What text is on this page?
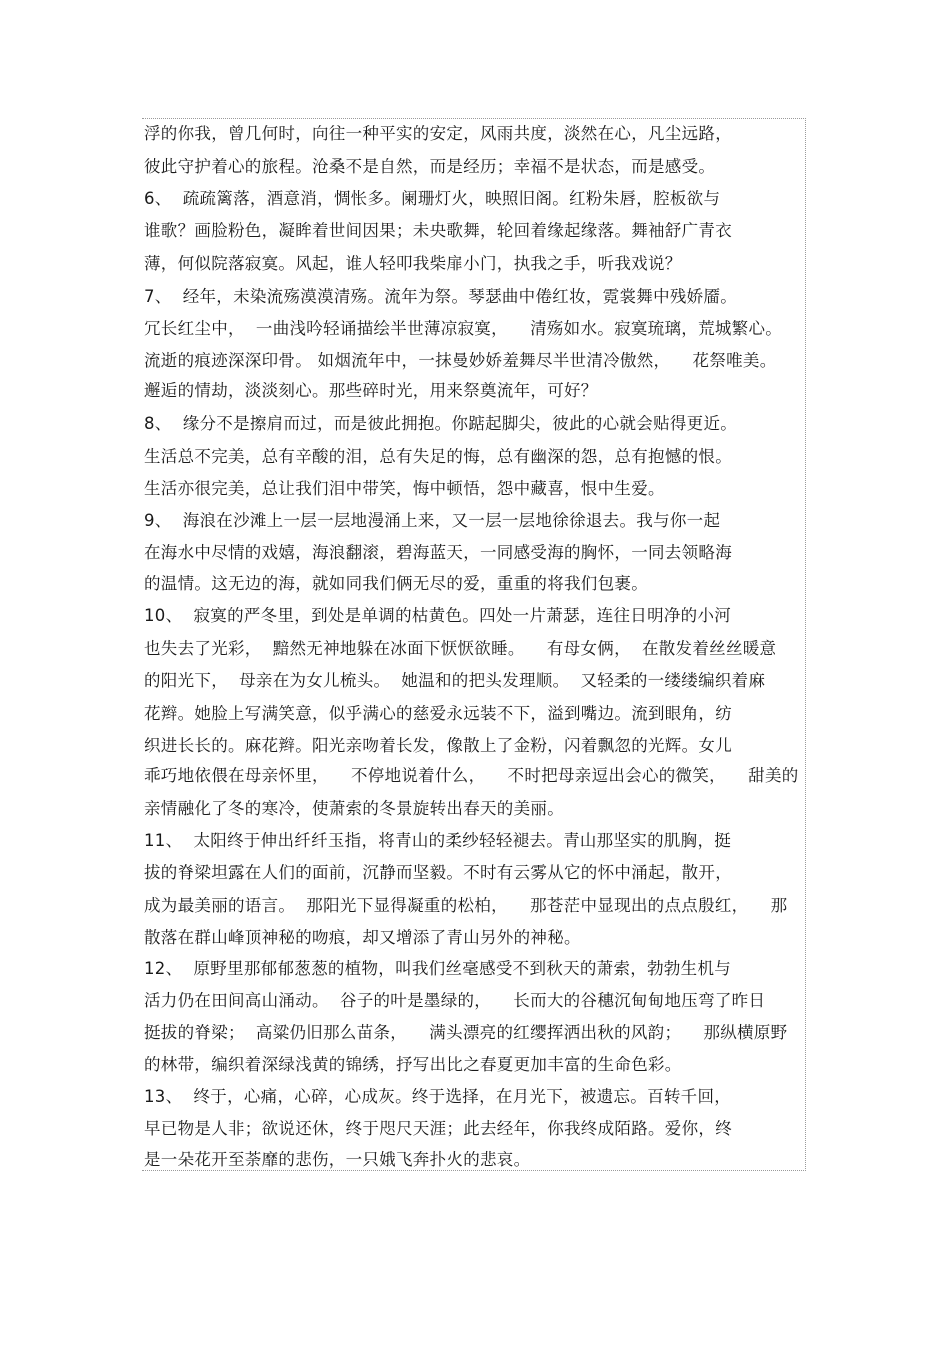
浮的你我，曾几何时，向往一种平实的安定，风雨共度，淡然在心，凡尘远路，
彼此守护着心的旅程。沧桑不是自然，而是经历；幸福不是状态，而是感受。
6、  疏疏篱落，酒意消，惆怅多。阑珊灯火，映照旧阁。红粉朱唇，腔板欲与
谁歌？画脸粉色，凝眸着世间因果；未央歌舞，轮回着缘起缘落。舞袖舒广青衣
薄，何似院落寂寞。风起，谁人轻叩我柴扉小门，执我之手，听我戏说？
7、  经年，未染流殇漠漠清殇。流年为祭。琴瑟曲中倦红妆，霓裳舞中残娇靥。
冗长红尘中，  一曲浅吟轻诵描绘半世薄凉寂寞，    清殇如水。寂寞琉璃，荒城繁心。
流逝的痕迹深深印骨。 如烟流年中，一抹曼妙娇羞舞尽半世清冷傲然，    花祭唯美。
邂逅的情劫，淡淡刻心。那些碎时光，用来祭奠流年，可好？
8、  缘分不是擦肩而过，而是彼此拥抱。你踮起脚尖，彼此的心就会贴得更近。
生活总不完美，总有辛酸的泪，总有失足的悔，总有幽深的怨，总有抱憾的恨。
生活亦很完美，总让我们泪中带笑，悔中顿悟，怨中藏喜，恨中生爱。
9、  海浪在沙滩上一层一层地漫涌上来，又一层一层地徐徐退去。我与你一起
在海水中尽情的戏嬉，海浪翻滚，碧海蓝天，一同感受海的胸怀，一同去领略海
的温情。这无边的海，就如同我们俩无尽的爱，重重的将我们包裹。
10、  寂寞的严冬里，到处是单调的枯黄色。四处一片萧瑟，连往日明净的小河
也失去了光彩，  黯然无神地躲在冰面下恹恹欲睡。    有母女俩，  在散发着丝丝暖意
的阳光下，  母亲在为女儿梳头。  她温和的把头发理顺。  又轻柔的一缕缕编织着麻
花辫。她脸上写满笑意，似乎满心的慈爱永远装不下，溢到嘴边。流到眼角，纺
织进长长的。麻花辫。阳光亲吻着长发，像散上了金粉，闪着飘忽的光辉。女儿
乖巧地依偎在母亲怀里，    不停地说着什么，    不时把母亲逗出会心的微笑，    甜美的
亲情融化了冬的寒冷，使萧索的冬景旋转出春天的美丽。
11、  太阳终于伸出纤纤玉指，将青山的柔纱轻轻褪去。青山那坚实的肌胸，挺
拔的脊梁坦露在人们的面前，沉静而坚毅。不时有云雾从它的怀中涌起，散开，
成为最美丽的语言。  那阳光下显得凝重的松柏，    那苍茫中显现出的点点殷红，    那
散落在群山峰顶神秘的吻痕，却又增添了青山另外的神秘。
12、  原野里那郁郁葱葱的植物，叫我们丝毫感受不到秋天的萧索，勃勃生机与
活力仍在田间高山涌动。  谷子的叶是墨绿的，    长而大的谷穗沉甸甸地压弯了昨日
挺拔的脊梁；  高粱仍旧那么苗条，    满头漂亮的红缨挥洒出秋的风韵；    那纵横原野
的林带，编织着深绿浅黄的锦绣，抒写出比之春夏更加丰富的生命色彩。
13、  终于，心痛，心碎，心成灰。终于选择，在月光下，被遗忘。百转千回，
早已物是人非；欲说还休，终于咫尺天涯；此去经年，你我终成陌路。爱你，终
是一朵花开至荼靡的悲伤，一只娥飞奔扑火的悲哀。
